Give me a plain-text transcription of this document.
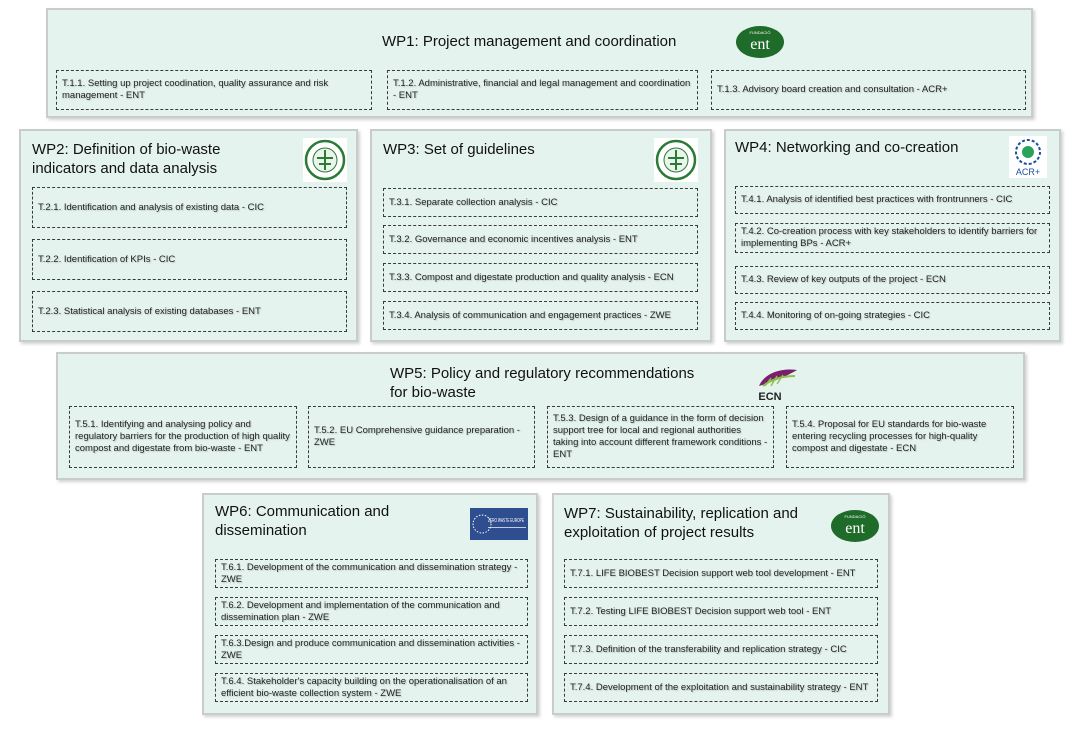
WP1: Project management and coordination
FUNDACIÓ
ent
T.1.1. Setting up project coodination, quality assurance and risk management - ENT
T.1.2. Administrative, financial and legal management and coordination - ENT
T.1.3. Advisory board creation and consultation - ACR+
WP2: Definition of bio-waste indicators and data analysis
T.2.1. Identification and analysis of existing data - CIC
T.2.2. Identification of KPIs - CIC
T.2.3. Statistical analysis of existing databases - ENT
WP3: Set of guidelines
T.3.1. Separate collection analysis - CIC
T.3.2. Governance and economic incentives analysis - ENT
T.3.3. Compost and digestate production and quality analysis - ECN
T.3.4. Analysis of communication and engagement practices - ZWE
WP4: Networking and co-creation
ACR+
T.4.1. Analysis of identified best practices with frontrunners - CIC
T.4.2. Co-creation process with key stakeholders to identify barriers for implementing BPs - ACR+
T.4.3. Review of key outputs of the project - ECN
T.4.4. Monitoring of on-going strategies - CIC
WP5: Policy and regulatory recommendations
for bio-waste	ECN
T.5.1. Identifying and analysing policy and regulatory barriers for the production of high quality compost and digestate from bio-waste - ENT
T.5.2. EU Comprehensive guidance preparation - ZWE
T.5.3. Design of a guidance in the form of decision support tree for local and regional authorities taking into account different framework conditions - ENT
T.5.4. Proposal for EU standards for bio-waste entering recycling processes for high-quality compost and digestate - ECN
WP6: Communication and dissemination
ZERO WASTE EUROPE
T.6.1. Development of the communication and dissemination strategy - ZWE
T.6.2. Development and implementation of the communication and dissemination plan - ZWE
T.6.3.Design and produce communication and dissemination activities - ZWE
T.6.4. Stakeholder's capacity building on the operationalisation of an efficient bio-waste collection system - ZWE
WP7: Sustainability, replication and exploitation of project results
FUNDACIÓ
ent
T.7.1. LIFE BIOBEST Decision support web tool development - ENT
T.7.2. Testing LIFE BIOBEST Decision support web tool - ENT
T.7.3. Definition of the transferability and replication strategy - CIC
T.7.4. Development of the exploitation and sustainability strategy - ENT
